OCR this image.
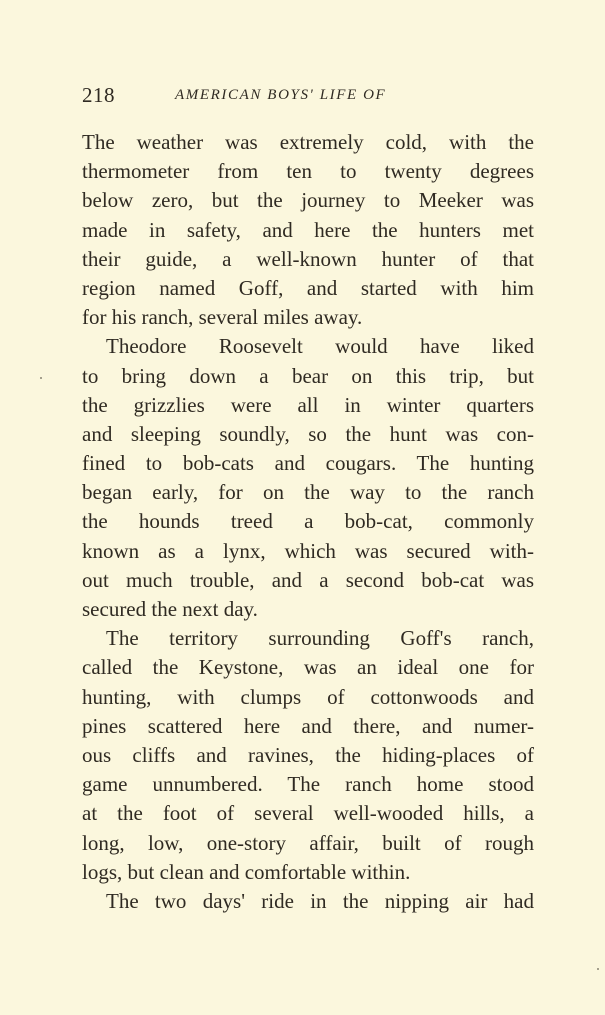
218	AMERICAN BOYS' LIFE OF
The weather was extremely cold, with the
thermometer from ten to twenty degrees
below zero, but the journey to Meeker was
made in safety, and here the hunters met
their guide, a well-known hunter of that
region named Goff, and started with him
for his ranch, several miles away.
Theodore Roosevelt would have liked
to bring down a bear on this trip, but
the grizzlies were all in winter quarters
and sleeping soundly, so the hunt was con-
fined to bob-cats and cougars. The hunting
began early, for on the way to the ranch
the hounds treed a bob-cat, commonly
known as a lynx, which was secured with-
out much trouble, and a second bob-cat was
secured the next day.
The territory surrounding Goff's ranch,
called the Keystone, was an ideal one for
hunting, with clumps of cottonwoods and
pines scattered here and there, and numer-
ous cliffs and ravines, the hiding-places of
game unnumbered. The ranch home stood
at the foot of several well-wooded hills, a
long, low, one-story affair, built of rough
logs, but clean and comfortable within.
The two days' ride in the nipping air had
